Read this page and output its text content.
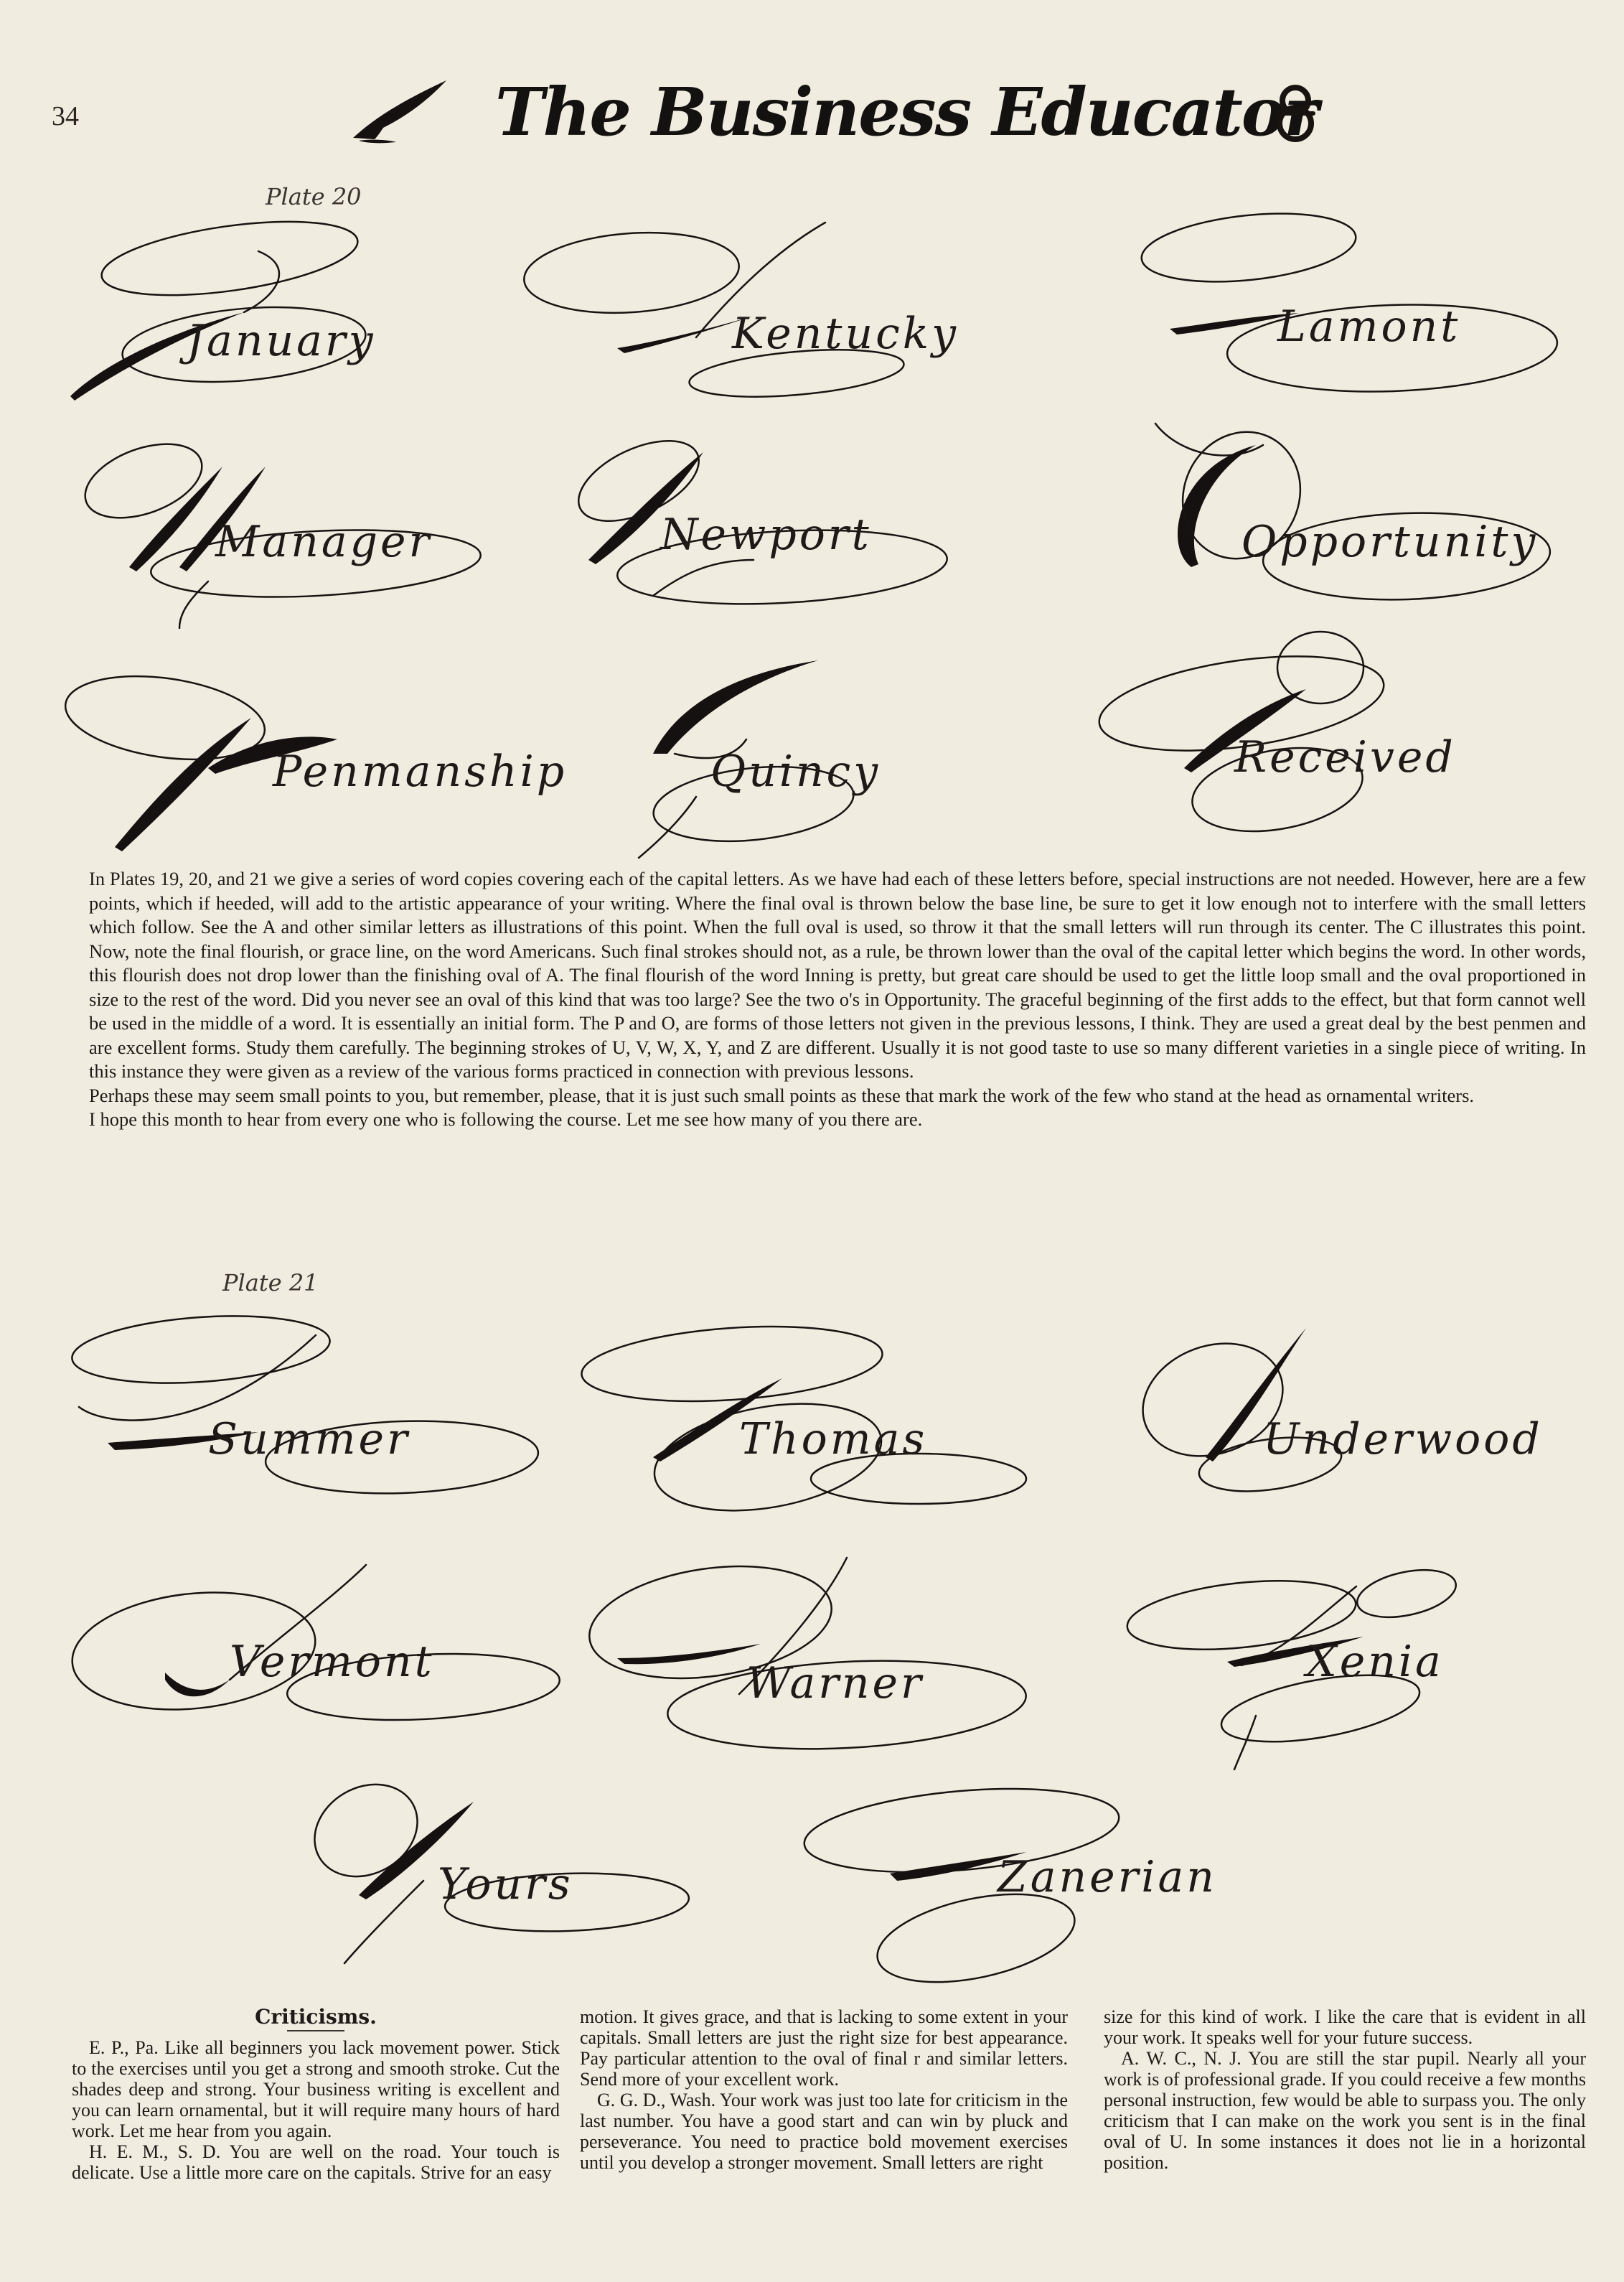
34	The Business Educator
Plate 20
January	Kentucky	Lamont
Manager	Newport	Opportunity
Penmanship	Quincy	Received

In Plates 19, 20, and 21 we give a series of word copies covering each of the capital letters. As we have had each of these letters before, special instructions are not needed. However, here are a few points, which if heeded, will add to the artistic appearance of your writing. Where the final oval is thrown below the base line, be sure to get it low enough not to interfere with the small letters which follow. See the A and other similar letters as illustrations of this point. When the full oval is used, so throw it that the small letters will run through its center. The C illustrates this point. Now, note the final flourish, or grace line, on the word Americans. Such final strokes should not, as a rule, be thrown lower than the oval of the capital letter which begins the word. In other words, this flourish does not drop lower than the finishing oval of A. The final flourish of the word Inning is pretty, but great care should be used to get the little loop small and the oval proportioned in size to the rest of the word. Did you never see an oval of this kind that was too large? See the two o's in Opportunity. The graceful beginning of the first adds to the effect, but that form cannot well be used in the middle of a word. It is essentially an initial form. The P and O, are forms of those letters not given in the previous lessons, I think. They are used a great deal by the best penmen and are excellent forms. Study them carefully. The beginning strokes of U, V, W, X, Y, and Z are different. Usually it is not good taste to use so many different varieties in a single piece of writing. In this instance they were given as a review of the various forms practiced in connection with previous lessons.

Perhaps these may seem small points to you, but remember, please, that it is just such small points as these that mark the work of the few who stand at the head as ornamental writers.

I hope this month to hear from every one who is following the course. Let me see how many of you there are.

Plate 21
Summer	Thomas	Underwood
Vermont	Warner	Xenia
Yours	Zanerian

Criticisms.

E. P., Pa. Like all beginners you lack movement power. Stick to the exercises until you get a strong and smooth stroke. Cut the shades deep and strong. Your business writing is excellent and you can learn ornamental, but it will require many hours of hard work. Let me hear from you again.

H. E. M., S. D. You are well on the road. Your touch is delicate. Use a little more care on the capitals. Strive for an easy

motion. It gives grace, and that is lacking to some extent in your capitals. Small letters are just the right size for best appearance. Pay particular attention to the oval of final r and similar letters. Send more of your excellent work.

G. G. D., Wash. Your work was just too late for criticism in the last number. You have a good start and can win by pluck and perseverance. You need to practice bold movement exercises until you develop a stronger movement. Small letters are right

size for this kind of work. I like the care that is evident in all your work. It speaks well for your future success.

A. W. C., N. J. You are still the star pupil. Nearly all your work is of professional grade. If you could receive a few months personal instruction, few would be able to surpass you. The only criticism that I can make on the work you sent is in the final oval of U. In some instances it does not lie in a horizontal position.
